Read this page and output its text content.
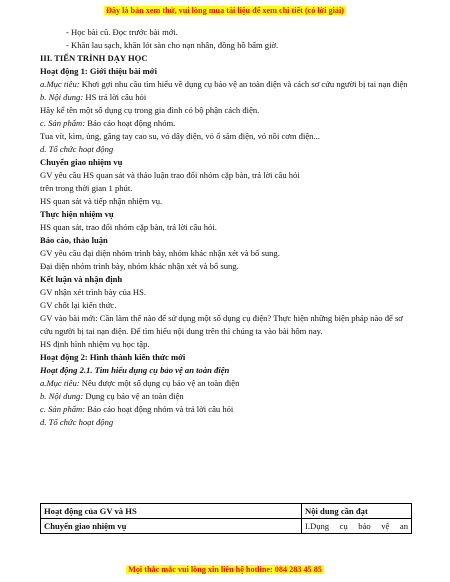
Đây là bản xem thử, vui lòng mua tài liệu để xem chi tiết (có lời giải)
- Học bài cũ. Đọc trước bài mới.
- Khăn lau sạch, khăn lót sàn cho nạn nhân, đồng hồ bấm giờ.
III. TIẾN TRÌNH DẠY HỌC
Hoạt động 1: Giới thiệu bài mới
a.Mục tiêu: Khơi gợi nhu cầu tìm hiểu về dụng cụ bảo vệ an toàn điện và cách sơ cứu người bị tai nạn điện
b. Nội dung: HS trả lời câu hỏi
Hãy kể tên một số dụng cụ trong gia đình có bộ phận cách điện.
c. Sản phẩm: Báo cáo hoạt động nhóm.
Tua vít, kìm, ủng, găng tay cao su, vỏ dây điện, vỏ ổ săm điện, vỏ nồi cơm điện...
d. Tổ chức hoạt động
Chuyển giao nhiệm vụ
GV yêu cầu HS quan sát và thảo luận trao đổi nhóm cặp bàn, trả lời câu hỏi
trên trong thời gian 1 phút.
HS quan sát và tiếp nhận nhiệm vụ.
Thực hiện nhiệm vụ
HS quan sát, trao đổi nhóm cặp bàn, trả lời câu hỏi.
Báo cáo, thảo luận
GV yêu cầu đại diện nhóm trình bày, nhóm khác nhận xét và bổ sung.
Đại diện nhóm trình bày, nhóm khác nhận xét và bổ sung.
Kết luận và nhận định
GV nhận xét trình bày của HS.
GV chốt lại kiến thức.
GV vào bài mới: Cần làm thế nào để sử dụng một số dụng cụ điện? Thực hiện những biện pháp nào để sơ cứu người bị tai nạn điện. Để tìm hiểu nội dung trên thì chúng ta vào bài hôm nay.
HS định hình nhiệm vụ học tập.
Hoạt động 2: Hình thành kiến thức mới
Hoạt động 2.1. Tìm hiểu dụng cụ bảo vệ an toàn điện
a.Mục tiêu: Nêu được một số dụng cụ bảo vệ an toàn điện
b. Nội dung: Dụng cụ bảo vệ an toàn điện
c. Sản phẩm: Báo cáo hoạt động nhóm và trả lời câu hỏi
d. Tổ chức hoạt động
Hoạt động của GV và HS	Nội dung cần đạt
Chuyển giao nhiệm vụ	I.Dụng cụ bảo vệ an
Mọi thắc mắc vui lòng xin liên hệ hotline: 084 283 45 85
